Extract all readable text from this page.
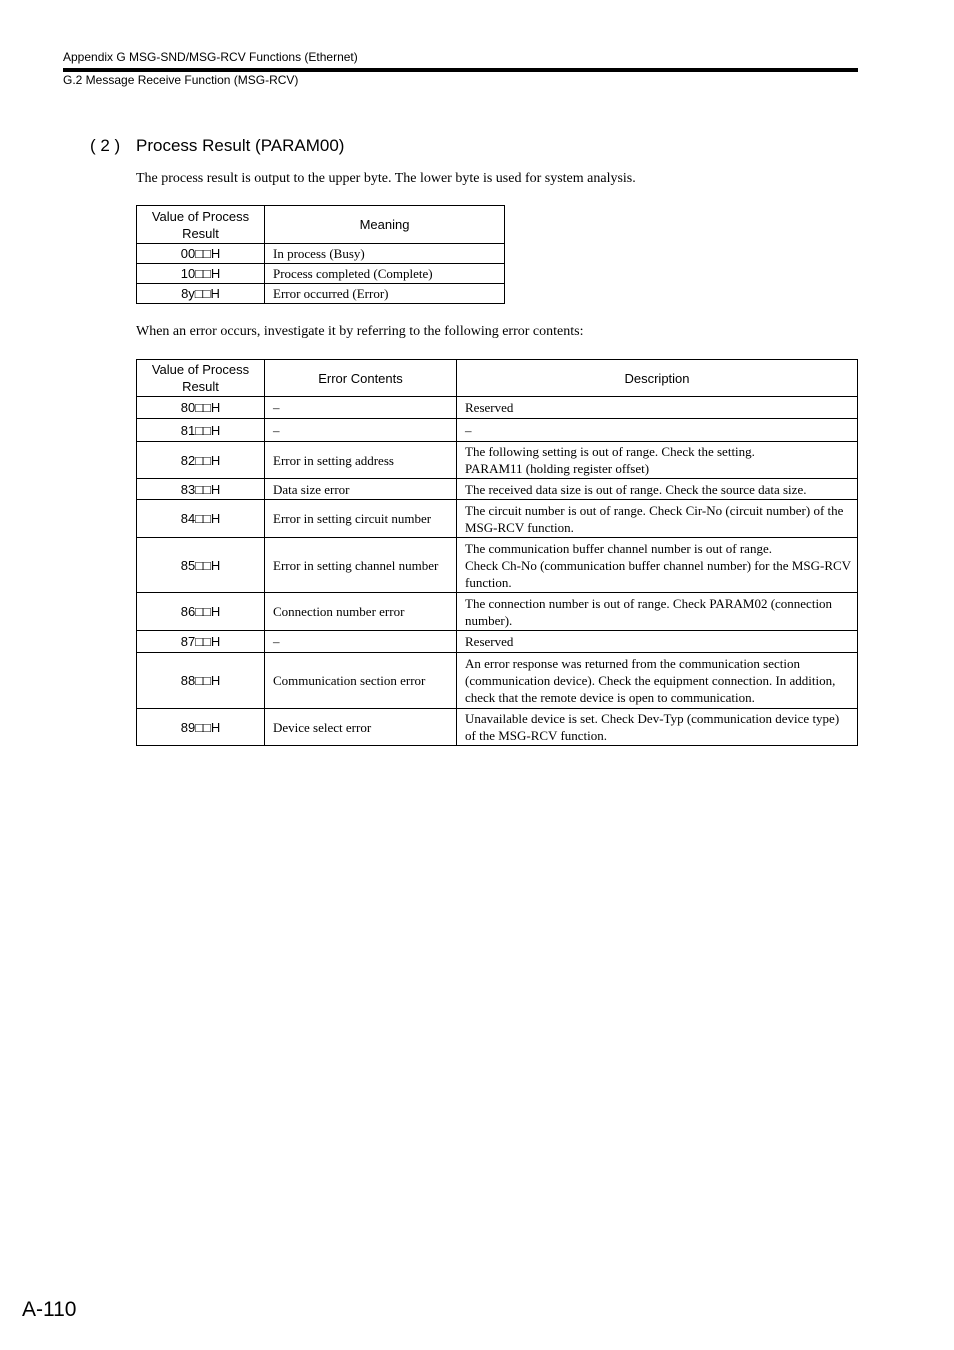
Appendix G MSG-SND/MSG-RCV Functions (Ethernet)
G.2 Message Receive Function (MSG-RCV)
( 2 ) Process Result (PARAM00)
The process result is output to the upper byte. The lower byte is used for system analysis.
Value of Process Result	Meaning
00□□H	In process (Busy)
10□□H	Process completed (Complete)
8y□□H	Error occurred (Error)
When an error occurs, investigate it by referring to the following error contents:
Value of Process Result	Error Contents	Description
80□□H	–	Reserved
81□□H	–	–
82□□H	Error in setting address	The following setting is out of range. Check the setting.
PARAM11 (holding register offset)
83□□H	Data size error	The received data size is out of range. Check the source data size.
84□□H	Error in setting circuit number	The circuit number is out of range. Check Cir-No (circuit number) of the MSG-RCV function.
85□□H	Error in setting channel number	The communication buffer channel number is out of range.
Check Ch-No (communication buffer channel number) for the MSG-RCV function.
86□□H	Connection number error	The connection number is out of range. Check PARAM02 (connection number).
87□□H	–	Reserved
88□□H	Communication section error	An error response was returned from the communication section (communication device). Check the equipment connection. In addition, check that the remote device is open to communication.
89□□H	Device select error	Unavailable device is set. Check Dev-Typ (communication device type) of the MSG-RCV function.
A-110
